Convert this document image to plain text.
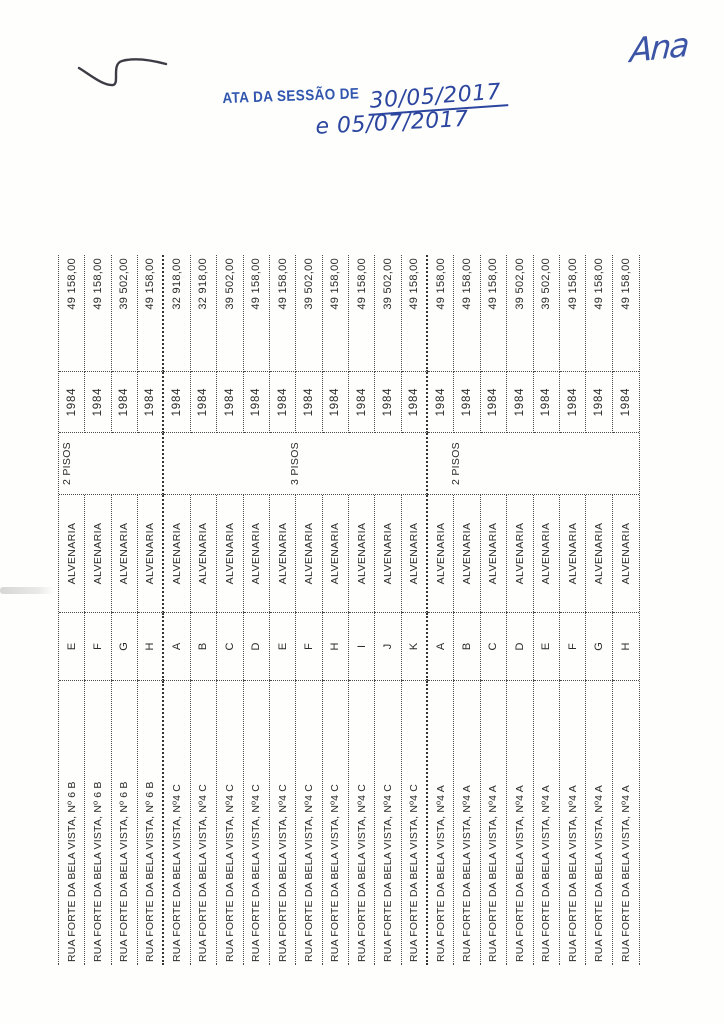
Ana
ATA DA SESSÃO DE 30/05/2017
e 05/07/2017
RUA FORTE DA BELA VISTA, Nº 6 B
E
ALVENARIA
1984
49 158,00
RUA FORTE DA BELA VISTA, Nº 6 B
F
ALVENARIA
1984
49 158,00
RUA FORTE DA BELA VISTA, Nº 6 B
G
ALVENARIA
1984
39 502,00
RUA FORTE DA BELA VISTA, Nº 6 B
H
ALVENARIA
1984
49 158,00
RUA FORTE DA BELA VISTA, Nº4 C
A
ALVENARIA
1984
32 918,00
RUA FORTE DA BELA VISTA, Nº4 C
B
ALVENARIA
1984
32 918,00
RUA FORTE DA BELA VISTA, Nº4 C
C
ALVENARIA
1984
39 502,00
RUA FORTE DA BELA VISTA, Nº4 C
D
ALVENARIA
1984
49 158,00
RUA FORTE DA BELA VISTA, Nº4 C
E
ALVENARIA
1984
49 158,00
RUA FORTE DA BELA VISTA, Nº4 C
F
ALVENARIA
1984
39 502,00
RUA FORTE DA BELA VISTA, Nº4 C
H
ALVENARIA
1984
49 158,00
RUA FORTE DA BELA VISTA, Nº4 C
I
ALVENARIA
1984
49 158,00
RUA FORTE DA BELA VISTA, Nº4 C
J
ALVENARIA
1984
39 502,00
RUA FORTE DA BELA VISTA, Nº4 C
K
ALVENARIA
1984
49 158,00
RUA FORTE DA BELA VISTA, Nº4 A
A
ALVENARIA
1984
49 158,00
RUA FORTE DA BELA VISTA, Nº4 A
B
ALVENARIA
1984
49 158,00
RUA FORTE DA BELA VISTA, Nº4 A
C
ALVENARIA
1984
49 158,00
RUA FORTE DA BELA VISTA, Nº4 A
D
ALVENARIA
1984
39 502,00
RUA FORTE DA BELA VISTA, Nº4 A
E
ALVENARIA
1984
39 502,00
RUA FORTE DA BELA VISTA, Nº4 A
F
ALVENARIA
1984
49 158,00
RUA FORTE DA BELA VISTA, Nº4 A
G
ALVENARIA
1984
49 158,00
RUA FORTE DA BELA VISTA, Nº4 A
H
ALVENARIA
1984
49 158,00
2 PISOS	3 PISOS	2 PISOS
